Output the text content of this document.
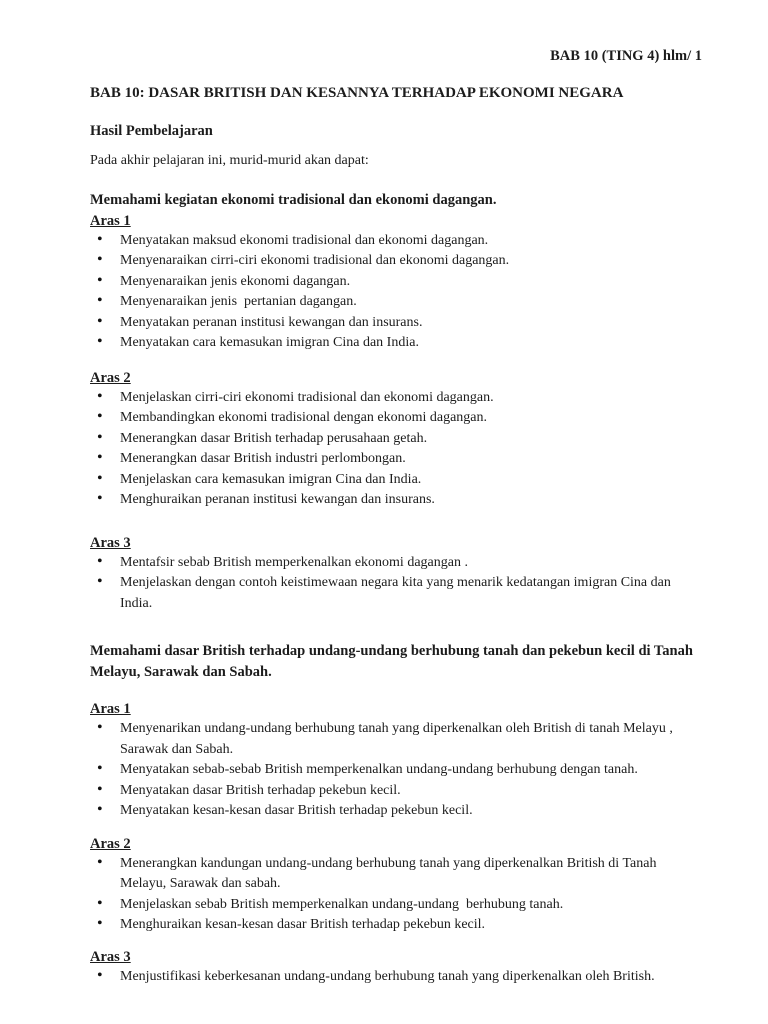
BAB 10 (TING 4) hlm/ 1
BAB 10: DASAR BRITISH DAN KESANNYA TERHADAP EKONOMI NEGARA
Hasil Pembelajaran
Pada akhir pelajaran ini, murid-murid akan dapat:
Memahami kegiatan ekonomi tradisional dan ekonomi dagangan.
Aras 1
• Menyatakan maksud ekonomi tradisional dan ekonomi dagangan.
• Menyenaraikan cirri-ciri ekonomi tradisional dan ekonomi dagangan.
• Menyenaraikan jenis ekonomi dagangan.
• Menyenaraikan jenis  pertanian dagangan.
• Menyatakan peranan institusi kewangan dan insurans.
• Menyatakan cara kemasukan imigran Cina dan India.
Aras 2
• Menjelaskan cirri-ciri ekonomi tradisional dan ekonomi dagangan.
• Membandingkan ekonomi tradisional dengan ekonomi dagangan.
• Menerangkan dasar British terhadap perusahaan getah.
• Menerangkan dasar British industri perlombongan.
• Menjelaskan cara kemasukan imigran Cina dan India.
• Menghuraikan peranan institusi kewangan dan insurans.
Aras 3
• Mentafsir sebab British memperkenalkan ekonomi dagangan .
• Menjelaskan dengan contoh keistimewaan negara kita yang menarik kedatangan imigran Cina dan India.
Memahami dasar British terhadap undang-undang berhubung tanah dan pekebun kecil di Tanah Melayu, Sarawak dan Sabah.
Aras 1
• Menyenarikan undang-undang berhubung tanah yang diperkenalkan oleh British di tanah Melayu , Sarawak dan Sabah.
• Menyatakan sebab-sebab British memperkenalkan undang-undang berhubung dengan tanah.
• Menyatakan dasar British terhadap pekebun kecil.
• Menyatakan kesan-kesan dasar British terhadap pekebun kecil.
Aras 2
• Menerangkan kandungan undang-undang berhubung tanah yang diperkenalkan British di Tanah Melayu, Sarawak dan sabah.
• Menjelaskan sebab British memperkenalkan undang-undang  berhubung tanah.
• Menghuraikan kesan-kesan dasar British terhadap pekebun kecil.
Aras 3
• Menjustifikasi keberkesanan undang-undang berhubung tanah yang diperkenalkan oleh British.
